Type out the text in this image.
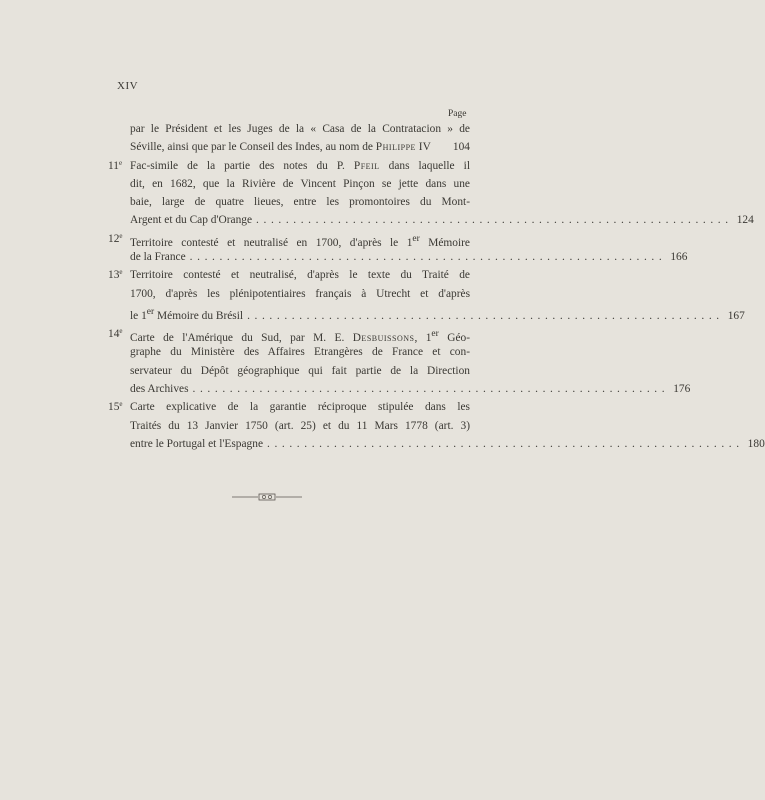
XIV
Page
par le Président et les Juges de la « Casa de la Contratacion » de
Séville, ainsi que par le Conseil des Indes, au nom de Philippe IV	104
11e Fac-simile de la partie des notes du P. Pfeil dans laquelle il
dit, en 1682, que la Rivière de Vincent Pinçon se jette dans une
baie, large de quatre lieues, entre les promontoires du Mont-
Argent et du Cap d'Orange ................................................................ 124
12e
Territoire contesté et neutralisé en 1700, d'après le 1er Mémoire
de la France ................................................................ 166
13e Territoire contesté et neutralisé, d'après le texte du Traité de
1700, d'après les plénipotentiaires français à Utrecht et d'après
le 1er Mémoire du Brésil ................................................................ 167
14e
Carte de l'Amérique du Sud, par M. E. Desbuissons, 1er Géo-
graphe du Ministère des Affaires Etrangères de France et con-
servateur du Dépôt géographique qui fait partie de la Direction
des Archives ................................................................ 176
15e Carte explicative de la garantie réciproque stipulée dans les
Traités du 13 Janvier 1750 (art. 25) et du 11 Mars 1778 (art. 3)
entre le Portugal et l'Espagne ................................................................ 180
